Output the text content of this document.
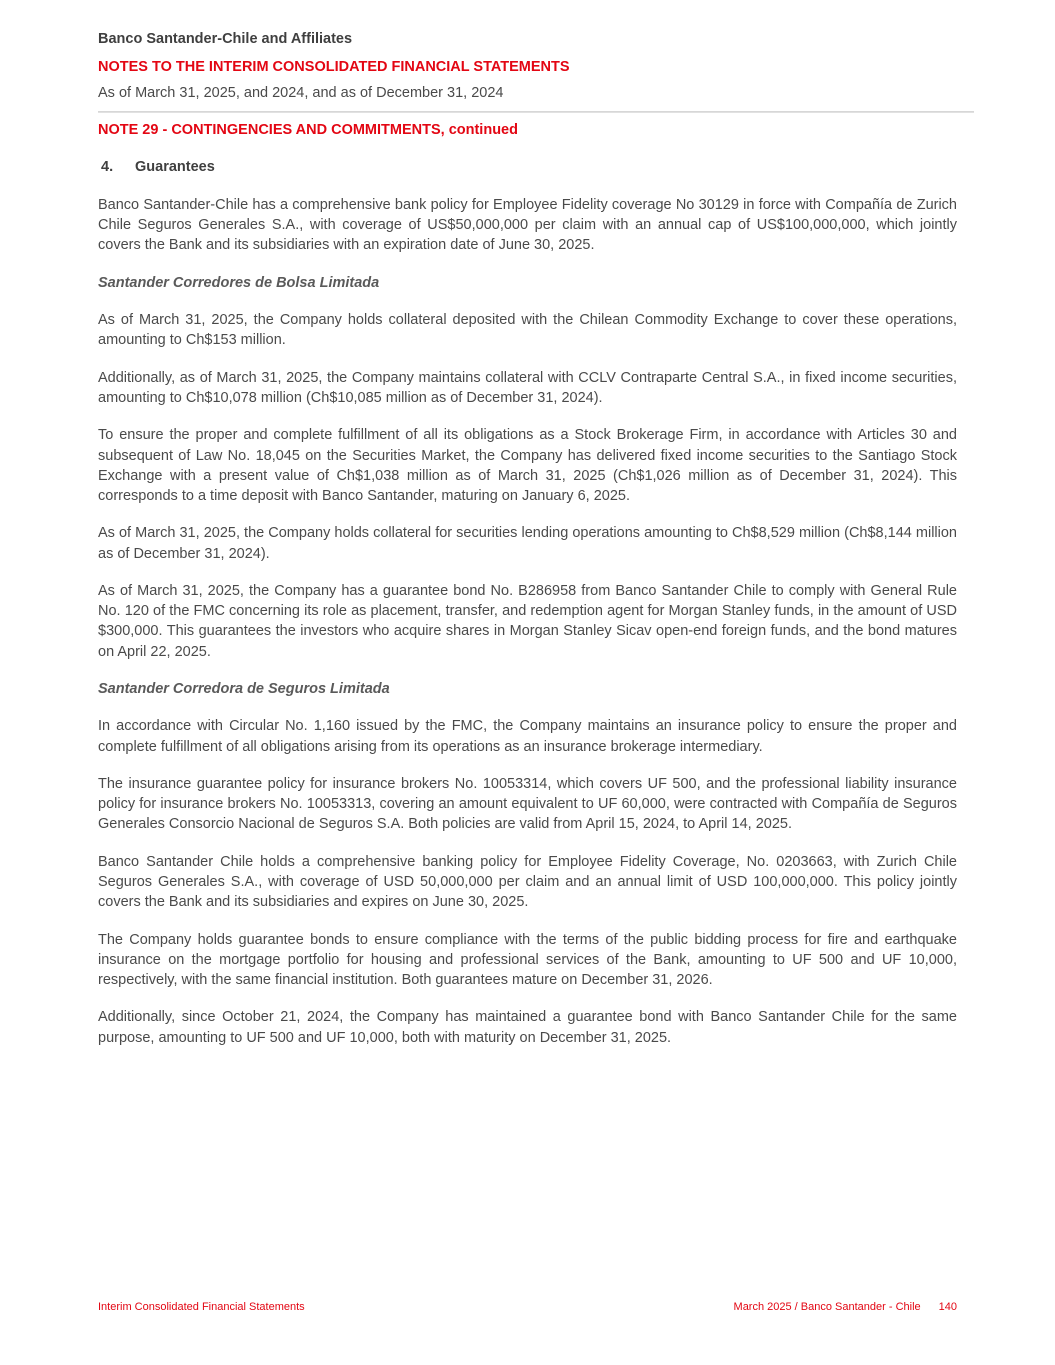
Banco Santander-Chile and Affiliates
NOTES TO THE INTERIM CONSOLIDATED FINANCIAL STATEMENTS
As of March 31, 2025, and 2024, and as of December 31, 2024
NOTE 29 - CONTINGENCIES AND COMMITMENTS, continued
4. Guarantees

Banco Santander-Chile has a comprehensive bank policy for Employee Fidelity coverage No 30129 in force with Compañía de Zurich Chile Seguros Generales S.A., with coverage of US$50,000,000 per claim with an annual cap of US$100,000,000, which jointly covers the Bank and its subsidiaries with an expiration date of June 30, 2025.

Santander Corredores de Bolsa Limitada

As of March 31, 2025, the Company holds collateral deposited with the Chilean Commodity Exchange to cover these operations, amounting to Ch$153 million.

Additionally, as of March 31, 2025, the Company maintains collateral with CCLV Contraparte Central S.A., in fixed income securities, amounting to Ch$10,078 million (Ch$10,085 million as of December 31, 2024).

To ensure the proper and complete fulfillment of all its obligations as a Stock Brokerage Firm, in accordance with Articles 30 and subsequent of Law No. 18,045 on the Securities Market, the Company has delivered fixed income securities to the Santiago Stock Exchange with a present value of Ch$1,038 million as of March 31, 2025 (Ch$1,026 million as of December 31, 2024). This corresponds to a time deposit with Banco Santander, maturing on January 6, 2025.

As of March 31, 2025, the Company holds collateral for securities lending operations amounting to Ch$8,529 million (Ch$8,144 million as of December 31, 2024).

As of March 31, 2025, the Company has a guarantee bond No. B286958 from Banco Santander Chile to comply with General Rule No. 120 of the FMC concerning its role as placement, transfer, and redemption agent for Morgan Stanley funds, in the amount of USD $300,000. This guarantees the investors who acquire shares in Morgan Stanley Sicav open-end foreign funds, and the bond matures on April 22, 2025.

Santander Corredora de Seguros Limitada

In accordance with Circular No. 1,160 issued by the FMC, the Company maintains an insurance policy to ensure the proper and complete fulfillment of all obligations arising from its operations as an insurance brokerage intermediary.

The insurance guarantee policy for insurance brokers No. 10053314, which covers UF 500, and the professional liability insurance policy for insurance brokers No. 10053313, covering an amount equivalent to UF 60,000, were contracted with Compañía de Seguros Generales Consorcio Nacional de Seguros S.A. Both policies are valid from April 15, 2024, to April 14, 2025.

Banco Santander Chile holds a comprehensive banking policy for Employee Fidelity Coverage, No. 0203663, with Zurich Chile Seguros Generales S.A., with coverage of USD 50,000,000 per claim and an annual limit of USD 100,000,000. This policy jointly covers the Bank and its subsidiaries and expires on June 30, 2025.

The Company holds guarantee bonds to ensure compliance with the terms of the public bidding process for fire and earthquake insurance on the mortgage portfolio for housing and professional services of the Bank, amounting to UF 500 and UF 10,000, respectively, with the same financial institution. Both guarantees mature on December 31, 2026.

Additionally, since October 21, 2024, the Company has maintained a guarantee bond with Banco Santander Chile for the same purpose, amounting to UF 500 and UF 10,000, both with maturity on December 31, 2025.

Interim Consolidated Financial Statements	March 2025 / Banco Santander - Chile 140
